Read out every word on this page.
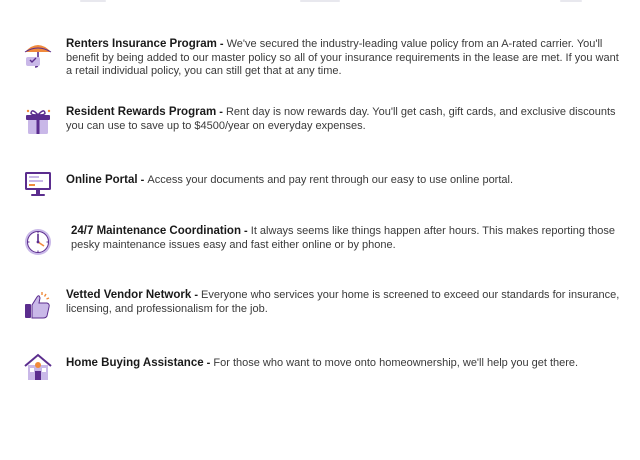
Renters Insurance Program - We've secured the industry-leading value policy from an A-rated carrier. You'll benefit by being added to our master policy so all of your insurance requirements in the lease are met. If you want a retail individual policy, you can still get that at any time.
Resident Rewards Program - Rent day is now rewards day. You'll get cash, gift cards, and exclusive discounts you can use to save up to $4500/year on everyday expenses.
Online Portal - Access your documents and pay rent through our easy to use online portal.
24/7 Maintenance Coordination - It always seems like things happen after hours. This makes reporting those pesky maintenance issues easy and fast either online or by phone.
Vetted Vendor Network - Everyone who services your home is screened to exceed our standards for insurance, licensing, and professionalism for the job.
Home Buying Assistance - For those who want to move onto homeownership, we'll help you get there.
